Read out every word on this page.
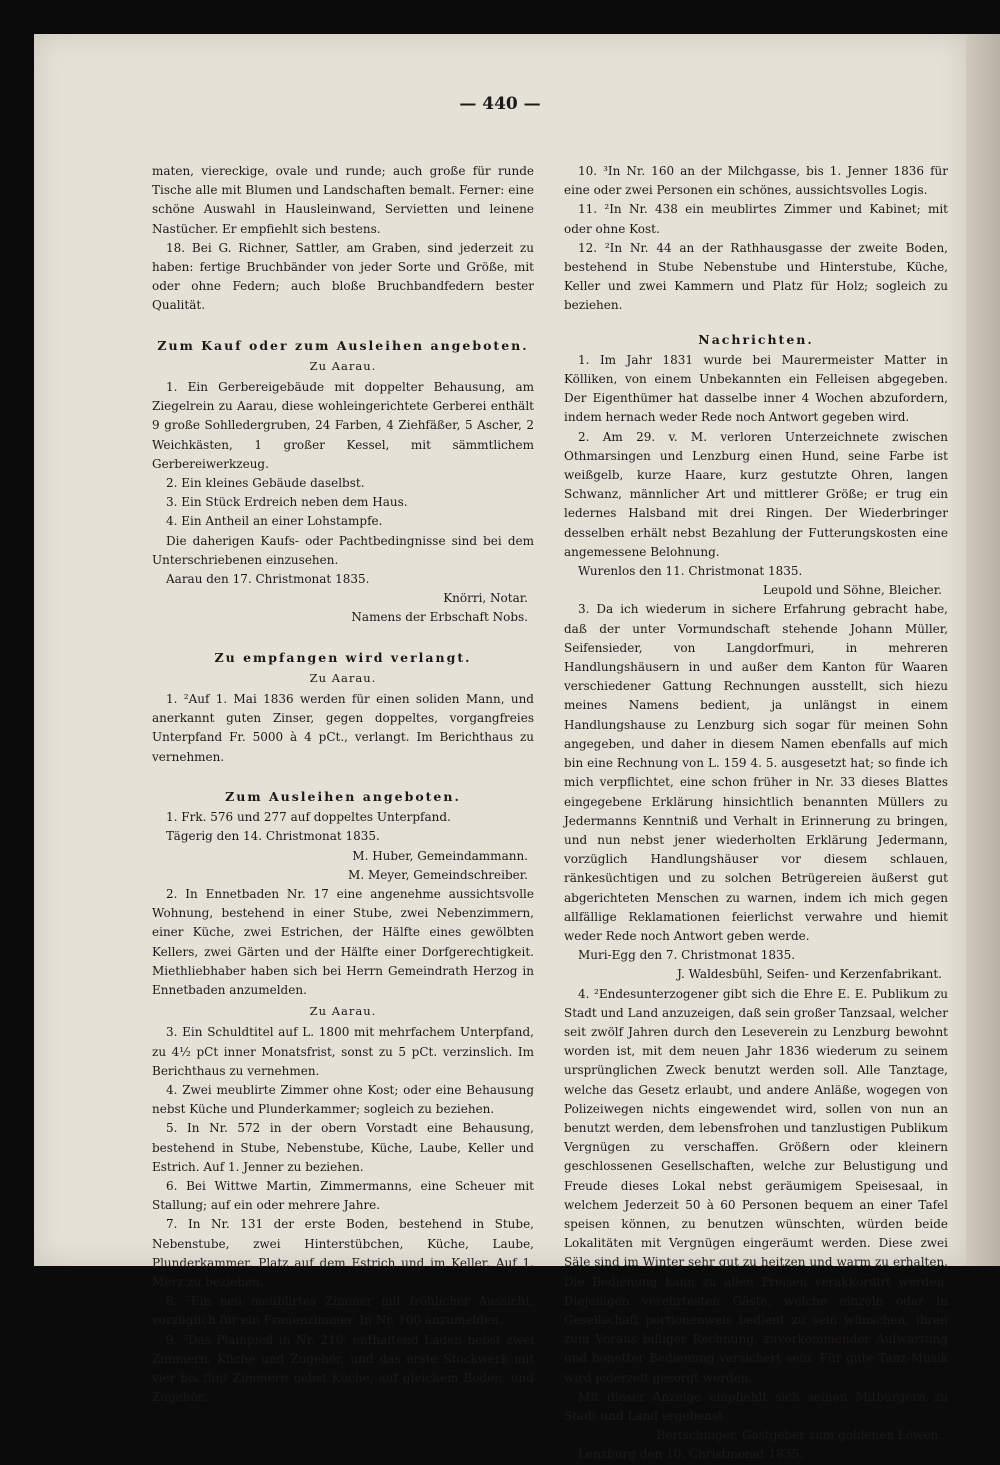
— 440 —

maten, viereckige, ovale und runde; auch große für runde Tische alle mit Blumen und Landschaften bemalt. Ferner: eine schöne Auswahl in Hausleinwand, Servietten und leinene Nastücher. Er empfiehlt sich bestens.

18. Bei G. Richner, Sattler, am Graben, sind jederzeit zu haben: fertige Bruchbänder von jeder Sorte und Größe, mit oder ohne Federn; auch bloße Bruchbandfedern bester Qualität.

Zum Kauf oder zum Ausleihen angeboten.
Zu Aarau.

1. Ein Gerbereigebäude mit doppelter Behausung, am Ziegelrein zu Aarau, diese wohleingerichtete Gerberei enthält 9 große Sohlledergruben, 24 Farben, 4 Ziehfäßer, 5 Ascher, 2 Weichkästen, 1 großer Kessel, mit sämmtlichem Gerbereiwerkzeug.

2. Ein kleines Gebäude daselbst.

3. Ein Stück Erdreich neben dem Haus.

4. Ein Antheil an einer Lohstampfe.

Die daherigen Kaufs- oder Pachtbedingnisse sind bei dem Unterschriebenen einzusehen.

Aarau den 17. Christmonat 1835.

Knörri, Notar.

Namens der Erbschaft Nobs.

Zu empfangen wird verlangt.
Zu Aarau.

1. ²Auf 1. Mai 1836 werden für einen soliden Mann, und anerkannt guten Zinser, gegen doppeltes, vorgangfreies Unterpfand Fr. 5000 à 4 pCt., verlangt. Im Berichthaus zu vernehmen.

Zum Ausleihen angeboten.

1. Frk. 576 und 277 auf doppeltes Unterpfand.

Tägerig den 14. Christmonat 1835.

M. Huber, Gemeindammann.

M. Meyer, Gemeindschreiber.

2. In Ennetbaden Nr. 17 eine angenehme aussichtsvolle Wohnung, bestehend in einer Stube, zwei Nebenzimmern, einer Küche, zwei Estrichen, der Hälfte eines gewölbten Kellers, zwei Gärten und der Hälfte einer Dorfgerechtigkeit. Miethliebhaber haben sich bei Herrn Gemeindrath Herzog in Ennetbaden anzumelden.

Zu Aarau.

3. Ein Schuldtitel auf L. 1800 mit mehrfachem Unterpfand, zu 4½ pCt inner Monatsfrist, sonst zu 5 pCt. verzinslich. Im Berichthaus zu vernehmen.

4. Zwei meublirte Zimmer ohne Kost; oder eine Behausung nebst Küche und Plunderkammer; sogleich zu beziehen.

5. In Nr. 572 in der obern Vorstadt eine Behausung, bestehend in Stube, Nebenstube, Küche, Laube, Keller und Estrich. Auf 1. Jenner zu beziehen.

6. Bei Wittwe Martin, Zimmermanns, eine Scheuer mit Stallung; auf ein oder mehrere Jahre.

7. In Nr. 131 der erste Boden, bestehend in Stube, Nebenstube, zwei Hinterstübchen, Küche, Laube, Plunderkammer, Platz auf dem Estrich und im Keller. Auf 1. Merz zu beziehen.

8. ²Ein neu meublirtes Zimmer mit fröhlicher Aussicht, vorzüglich für ein Frauenzimmer. In Nr. 100 anzumelden.

9. ³Das Plainpied in Nr. 210; enthaltend Laden nebst zwei Zimmern, Küche und Zugehör, und das erste Stockwerk mit vier bis fünf Zimmern nebst Küche, auf gleichem Boden, und Zugehör.

10. ³In Nr. 160 an der Milchgasse, bis 1. Jenner 1836 für eine oder zwei Personen ein schönes, aussichtsvolles Logis.

11. ²In Nr. 438 ein meublirtes Zimmer und Kabinet; mit oder ohne Kost.

12. ²In Nr. 44 an der Rathhausgasse der zweite Boden, bestehend in Stube Nebenstube und Hinterstube, Küche, Keller und zwei Kammern und Platz für Holz; sogleich zu beziehen.

Nachrichten.

1. Im Jahr 1831 wurde bei Maurermeister Matter in Kölliken, von einem Unbekannten ein Felleisen abgegeben. Der Eigenthümer hat dasselbe inner 4 Wochen abzufordern, indem hernach weder Rede noch Antwort gegeben wird.

2. Am 29. v. M. verloren Unterzeichnete zwischen Othmarsingen und Lenzburg einen Hund, seine Farbe ist weißgelb, kurze Haare, kurz gestutzte Ohren, langen Schwanz, männlicher Art und mittlerer Größe; er trug ein ledernes Halsband mit drei Ringen. Der Wiederbringer desselben erhält nebst Bezahlung der Futterungskosten eine angemessene Belohnung.

Wurenlos den 11. Christmonat 1835.

Leupold und Söhne, Bleicher.

3. Da ich wiederum in sichere Erfahrung gebracht habe, daß der unter Vormundschaft stehende Johann Müller, Seifensieder, von Langdorfmuri, in mehreren Handlungshäusern in und außer dem Kanton für Waaren verschiedener Gattung Rechnungen ausstellt, sich hiezu meines Namens bedient, ja unlängst in einem Handlungshause zu Lenzburg sich sogar für meinen Sohn angegeben, und daher in diesem Namen ebenfalls auf mich bin eine Rechnung von L. 159 4. 5. ausgesetzt hat; so finde ich mich verpflichtet, eine schon früher in Nr. 33 dieses Blattes eingegebene Erklärung hinsichtlich benannten Müllers zu Jedermanns Kenntniß und Verhalt in Erinnerung zu bringen, und nun nebst jener wiederholten Erklärung Jedermann, vorzüglich Handlungshäuser vor diesem schlauen, ränkesüchtigen und zu solchen Betrügereien äußerst gut abgerichteten Menschen zu warnen, indem ich mich gegen allfällige Reklamationen feierlichst verwahre und hiemit weder Rede noch Antwort geben werde.

Muri-Egg den 7. Christmonat 1835.

J. Waldesbühl, Seifen- und Kerzenfabrikant.

4. ²Endesunterzogener gibt sich die Ehre E. E. Publikum zu Stadt und Land anzuzeigen, daß sein großer Tanzsaal, welcher seit zwölf Jahren durch den Leseverein zu Lenzburg bewohnt worden ist, mit dem neuen Jahr 1836 wiederum zu seinem ursprünglichen Zweck benutzt werden soll. Alle Tanztage, welche das Gesetz erlaubt, und andere Anläße, wogegen von Polizeiwegen nichts eingewendet wird, sollen von nun an benutzt werden, dem lebensfrohen und tanzlustigen Publikum Vergnügen zu verschaffen. Größern oder kleinern geschlossenen Gesellschaften, welche zur Belustigung und Freude dieses Lokal nebst geräumigem Speisesaal, in welchem Jederzeit 50 à 60 Personen bequem an einer Tafel speisen können, zu benutzen wünschten, würden beide Lokalitäten mit Vergnügen eingeräumt werden. Diese zwei Säle sind im Winter sehr gut zu heitzen und warm zu erhalten. Die Bedienung kann zu allen Preisen verakkordirt werden. Diejenigen verehrtesten Gäste, welche einzeln oder in Gesellschaft portionenweis bedient zu sein wünschen, ihren zum Voraus billiger Rechnung, zuvorkommender Aufwartung und bonetter Bedienung versichert sein. Für gute Tanz-Musik wird jederzeit gesorgt werden.

Mit dieser Anzeige empfiehlt sich seinen Mitbürgern zu Stadt und Land ergebenst

Bertschinger, Gastgeber zum goldenen Löwen.

Lenzburg den 10. Christmonat 1835.
